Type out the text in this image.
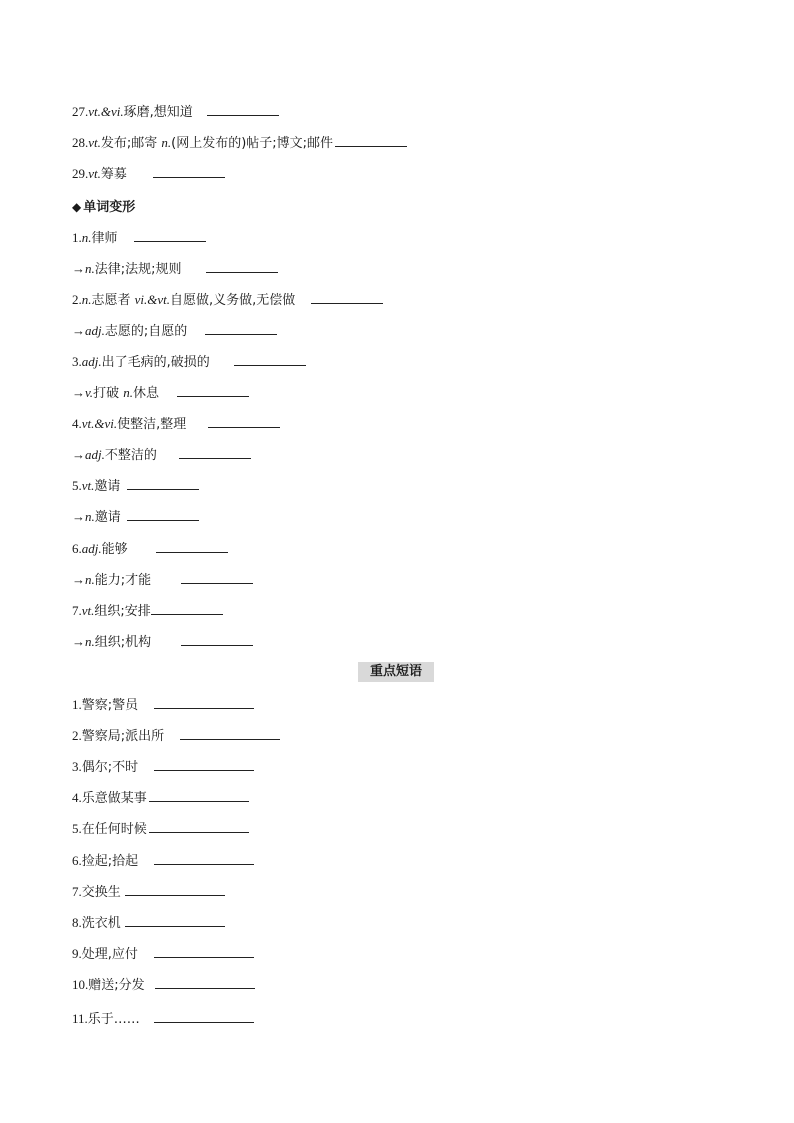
27.vt.&vi.琢磨,想知道
28.vt.发布;邮寄 n.(网上发布的)帖子;博文;邮件
29.vt.筹募
◆ 单词变形
1.n.律师
→n.法律;法规;规则
2.n.志愿者 vi.&vt.自愿做,义务做,无偿做
→adj.志愿的;自愿的
3.adj.出了毛病的,破损的
→v.打破 n.休息
4.vt.&vi.使整洁,整理
→adj.不整洁的
5.vt.邀请
→n.邀请
6.adj.能够
→n.能力;才能
7.vt.组织;安排
→n.组织;机构
重点短语
1.警察;警员
2.警察局;派出所
3.偶尔;不时
4.乐意做某事
5.在任何时候
6.捡起;拾起
7.交换生
8.洗衣机
9.处理,应付
10.赠送;分发
11.乐于……
